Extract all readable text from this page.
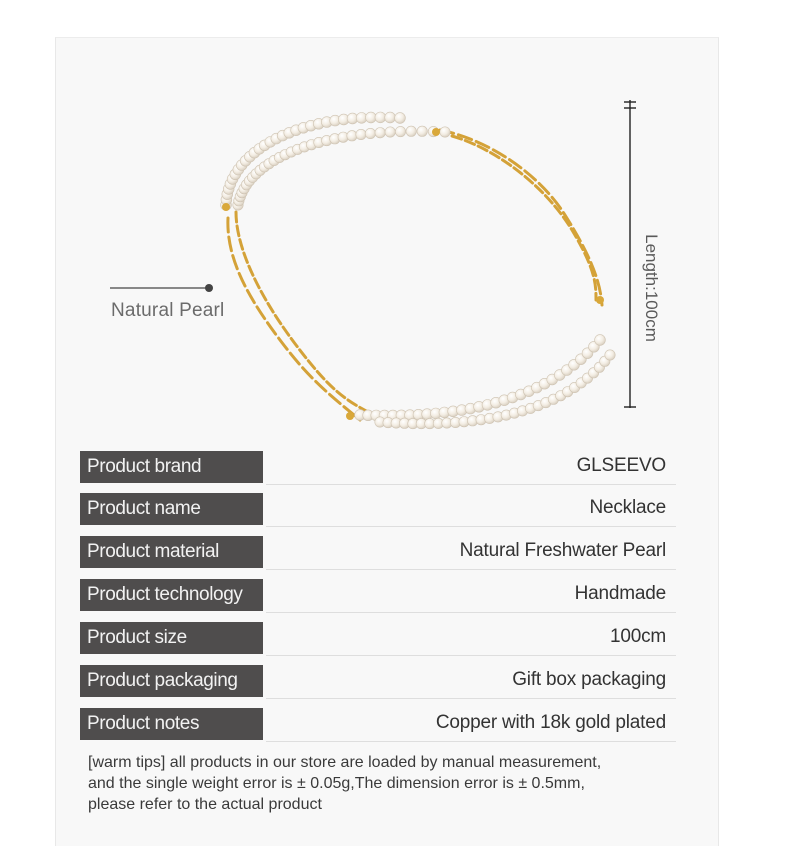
Natural Pearl	Length:100cm
Product brand	GLSEEVO
Product name	Necklace
Product material	Natural Freshwater Pearl
Product technology	Handmade
Product size	100cm
Product packaging	Gift box packaging
Product notes	Copper with 18k gold plated
[warm tips] all products in our store are loaded by manual measurement,
and the single weight error is ± 0.05g,The dimension error is ± 0.5mm,
please refer to the actual product
